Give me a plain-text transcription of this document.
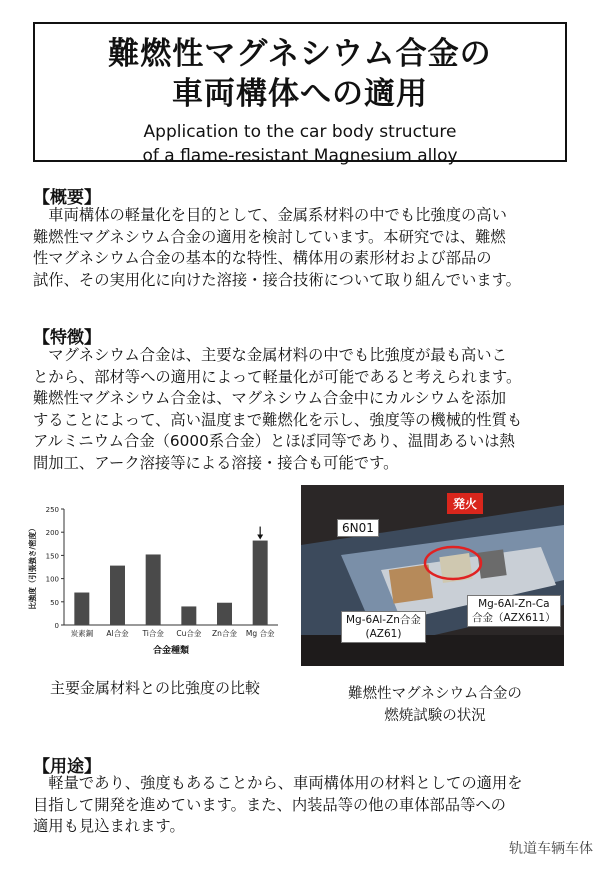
難燃性マグネシウム合金の
車両構体への適用
Application to the car body structure
of a flame-resistant Magnesium alloy
【概要】

　車両構体の軽量化を目的として、金属系材料の中でも比強度の高い

難燃性マグネシウム合金の適用を検討しています。本研究では、難燃

性マグネシウム合金の基本的な特性、構体用の素形材および部品の

試作、その実用化に向けた溶接・接合技術について取り組んでいます。

【特徴】

　マグネシウム合金は、主要な金属材料の中でも比強度が最も高いこ

とから、部材等への適用によって軽量化が可能であると考えられます。

難燃性マグネシウム合金は、マグネシウム合金中にカルシウムを添加

することによって、高い温度まで難燃化を示し、強度等の機械的性質も

アルミニウム合金（6000系合金）とほぼ同等であり、温間あるいは熱

間加工、アーク溶接等による溶接・接合も可能です。

0
50
100
150
200
250
炭素鋼 Al合金 Ti合金 Cu合金 Zn合金 Mg 合金
合金種類
比強度（引張強さ/密度）
主要金属材料との比強度の比較
発火
6N01
Mg-6Al-Zn合金
(AZ61)
Mg-6Al-Zn-Ca
合金（AZX611）
難燃性マグネシウム合金の
燃焼試験の状況
【用途】

　軽量であり、強度もあることから、車両構体用の材料としての適用を

目指して開発を進めています。また、内装品等の他の車体部品等への

適用も見込まれます。

轨道车辆车体
